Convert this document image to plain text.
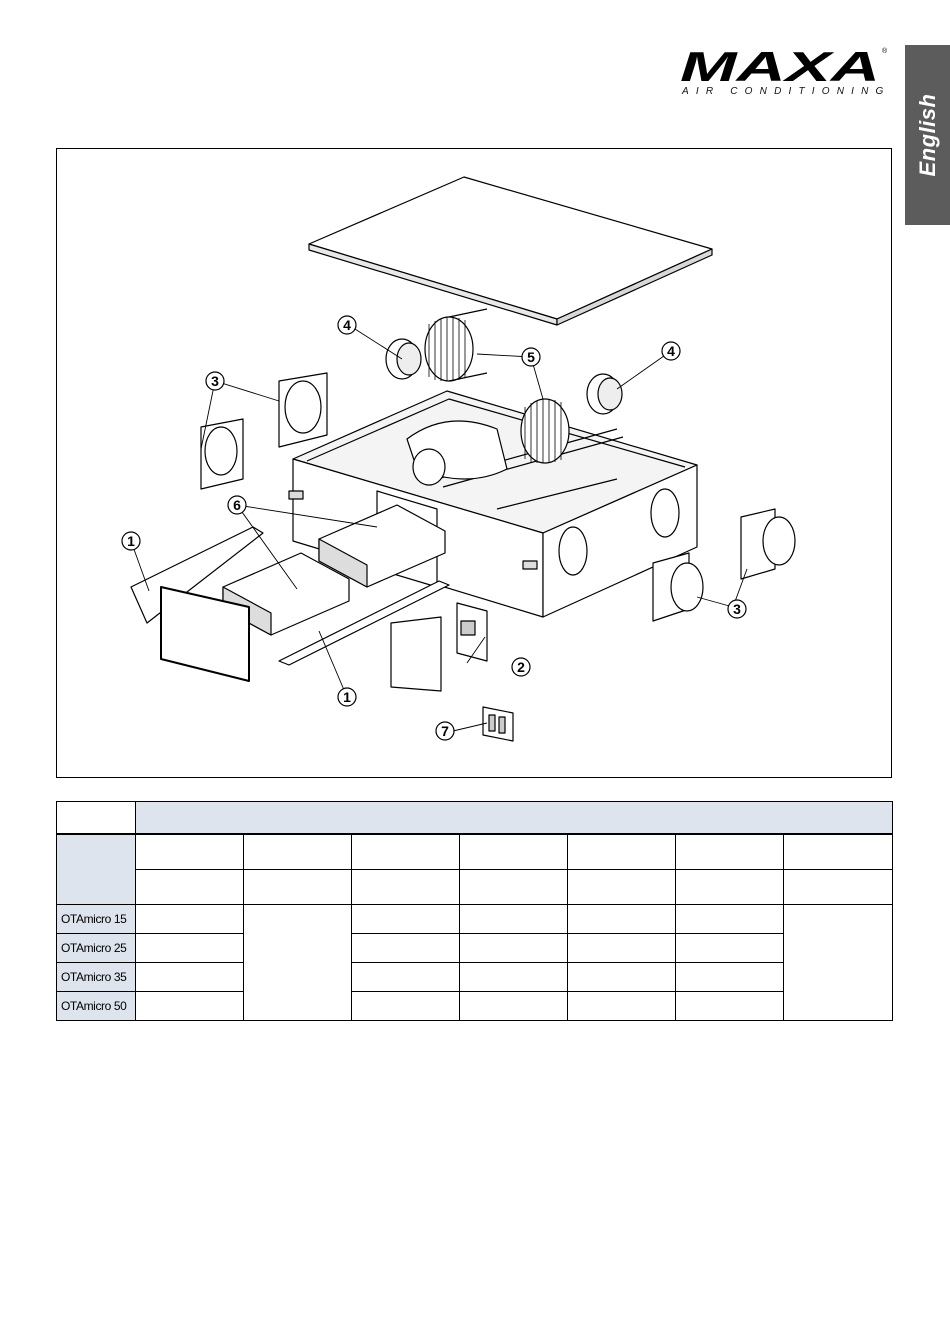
MAXA ®
AIR CONDITIONING
English
1
1
2
3
3
4
4
5
6
7

OTAmicro 15							
OTAmicro 25							
OTAmicro 35							
OTAmicro 50							
